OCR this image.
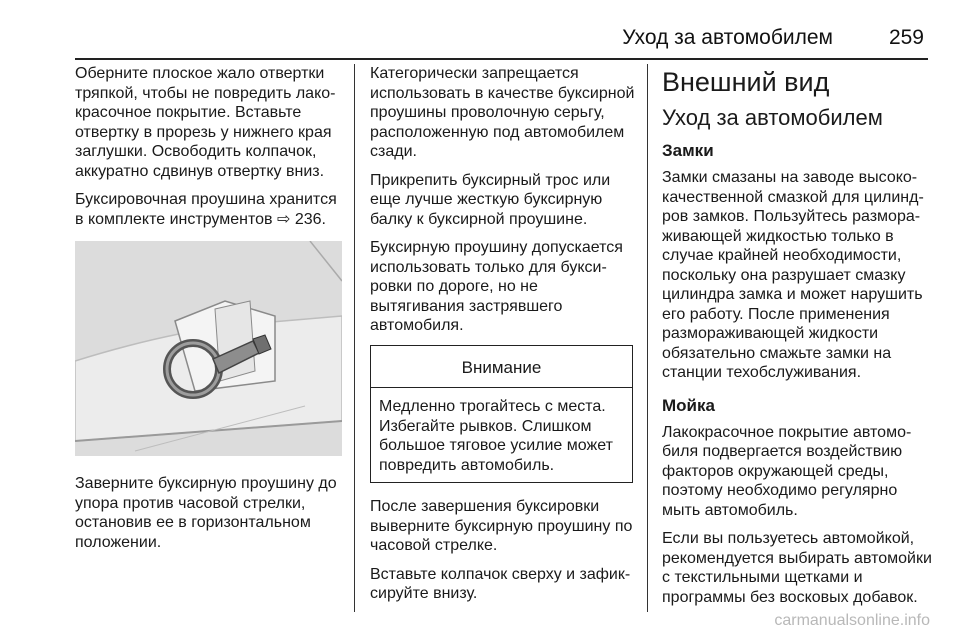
Уход за автомобилем	259

Оберните плоское жало отвертки тряпкой, чтобы не повредить лакокрасочное покрытие. Вставьте отвертку в прорезь у нижнего края заглушки. Освободить колпачок, аккуратно сдвинув отвертку вниз.

Буксировочная проушина хранится в комплекте инструментов ⇨ 236.

Заверните буксирную проушину до упора против часовой стрелки, остановив ее в горизонтальном положении.

Категорически запрещается использовать в качестве буксирной проушины проволочную серьгу, расположенную под автомобилем сзади.

Прикрепить буксирный трос или еще лучше жесткую буксирную балку к буксирной проушине.

Буксирную проушину допускается использовать только для буксировки по дороге, но не вытягивания застрявшего автомобиля.

Внимание
Медленно трогайтесь с места. Избегайте рывков. Слишком большое тяговое усилие может повредить автомобиль.

После завершения буксировки выверните буксирную проушину по часовой стрелке.

Вставьте колпачок сверху и зафиксируйте внизу.

Внешний вид
Уход за автомобилем
Замки

Замки смазаны на заводе высококачественной смазкой для цилиндров замков. Пользуйтесь размораживающей жидкостью только в случае крайней необходимости, поскольку она разрушает смазку цилиндра замка и может нарушить его работу. После применения размораживающей жидкости обязательно смажьте замки на станции техобслуживания.

Мойка

Лакокрасочное покрытие автомобиля подвергается воздействию факторов окружающей среды, поэтому необходимо регулярно мыть автомобиль.

Если вы пользуетесь автомойкой, рекомендуется выбирать автомойки с текстильными щетками и программы без восковых добавок.

carmanualsonline.info
